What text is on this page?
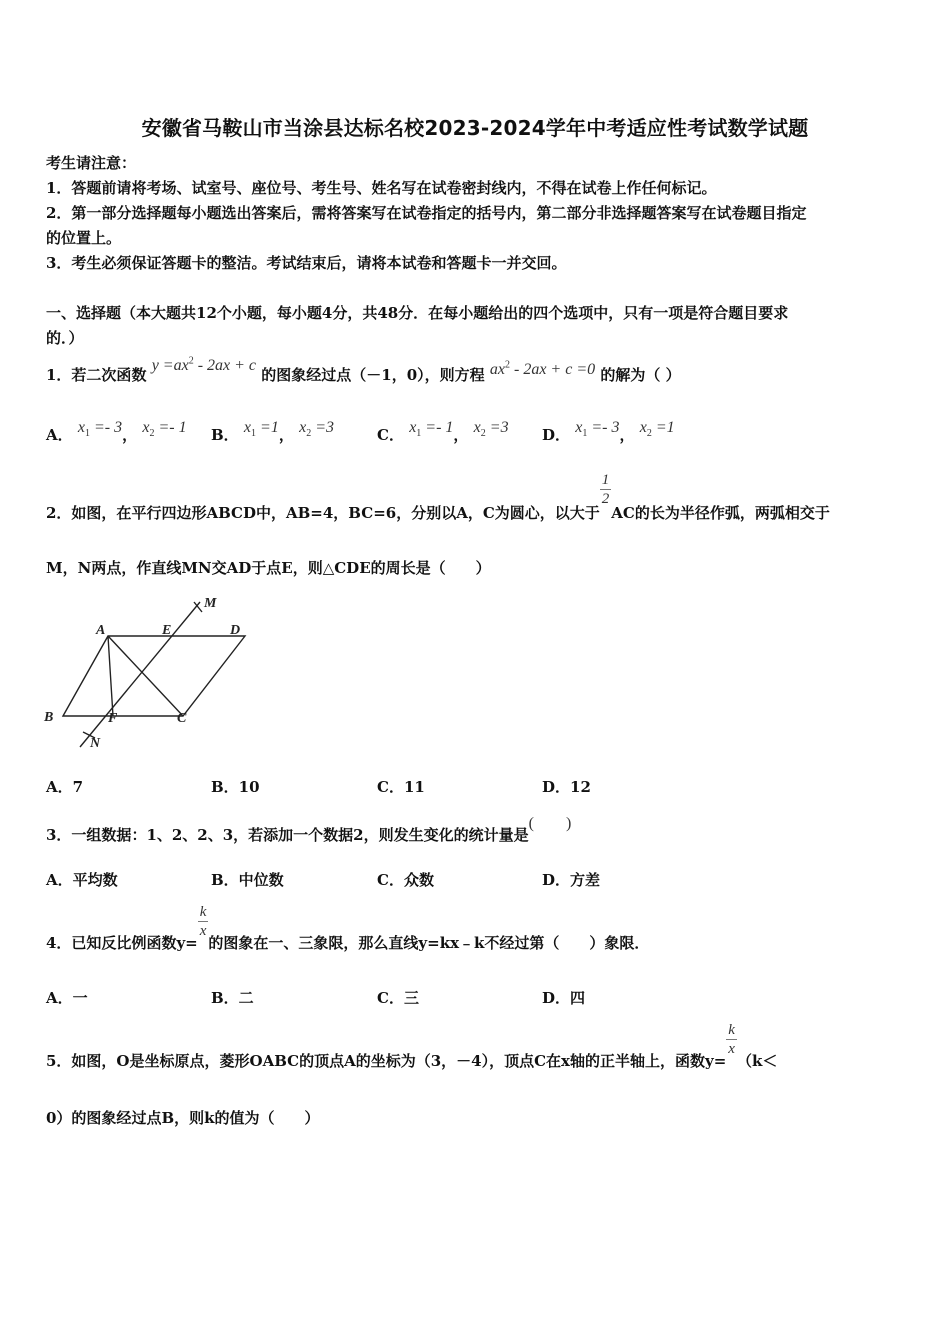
安徽省马鞍山市当涂县达标名校2023-2024学年中考适应性考试数学试题
考生请注意：
1．答题前请将考场、试室号、座位号、考生号、姓名写在试卷密封线内，不得在试卷上作任何标记。
2．第一部分选择题每小题选出答案后，需将答案写在试卷指定的括号内，第二部分非选择题答案写在试卷题目指定
的位置上。
3．考生必须保证答题卡的整洁。考试结束后，请将本试卷和答题卡一并交回。
一、选择题（本大题共12个小题，每小题4分，共48分．在每小题给出的四个选项中，只有一项是符合题目要求
的．）
1．若二次函数 $y =ax^2 - 2ax + c$ 的图象经过点（－1，0），则方程 $ax^2 - 2ax + c =0$ 的解为（ ）
A． $x_1 =- 3$， $x_2 =- 1$ B． $x_1 =1$， $x_2 =3$	C． $x_1 =- 1$， $x_2 =3$ D． $x_1 =- 3$， $x_2 =1$
2．如图，在平行四边形ABCD中，AB=4，BC=6，分别以A，C为圆心，以大于
$\frac{1}{2}$
AC的长为半径作弧，两弧相交于
M，N两点，作直线MN交AD于点E，则△CDE的周长是（　　）
A	E	D
M
B	F	C
N
A．7	B．10	C．11	D．12
3．一组数据：1、2、2、3，若添加一个数据2，则发生变化的统计量是(　　)
A．平均数	B．中位数	C．众数	D．方差
4．已知反比例函数y=
$\frac{k}{x}$
的图象在一、三象限，那么直线y=kx﹣k不经过第（　　）象限．
A．一	B．二	C．三	D．四
5．如图，O是坐标原点，菱形OABC的顶点A的坐标为（3，－4），顶点C在x轴的正半轴上，函数y=
$\frac{k}{x}$
（k＜
0）的图象经过点B，则k的值为（　　）
